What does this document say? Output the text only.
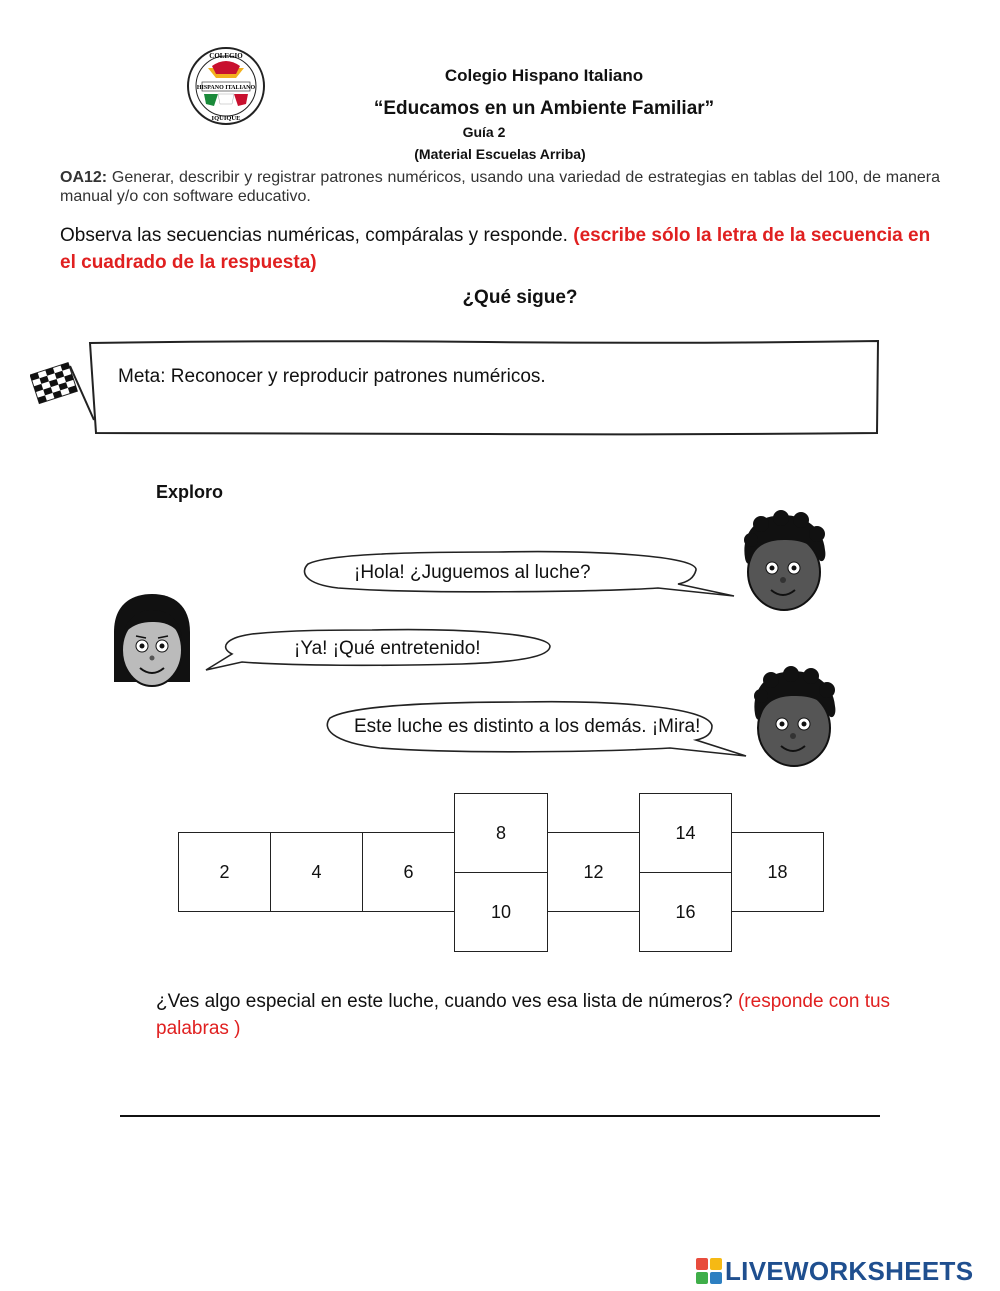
COLEGIO
HISPANO ITALIANO
IQUIQUE
Colegio Hispano Italiano
“Educamos en un Ambiente Familiar”
Guía 2
(Material Escuelas Arriba)
OA12: Generar, describir y registrar patrones numéricos, usando una variedad de estrategias en tablas del 100, de manera manual y/o con software educativo.
Observa las secuencias numéricas, compáralas y responde. (escribe sólo la letra de la secuencia en el cuadrado de la respuesta)
¿Qué sigue?
Meta: Reconocer y reproducir patrones numéricos.
Exploro
¡Hola! ¿Juguemos al luche?
¡Ya! ¡Qué entretenido!
Este luche es distinto a los demás. ¡Mira!
2	4	6
8
10
12
14
16
18
¿Ves algo especial en este luche, cuando ves esa lista de números? (responde con tus palabras )
LIVEWORKSHEETS
